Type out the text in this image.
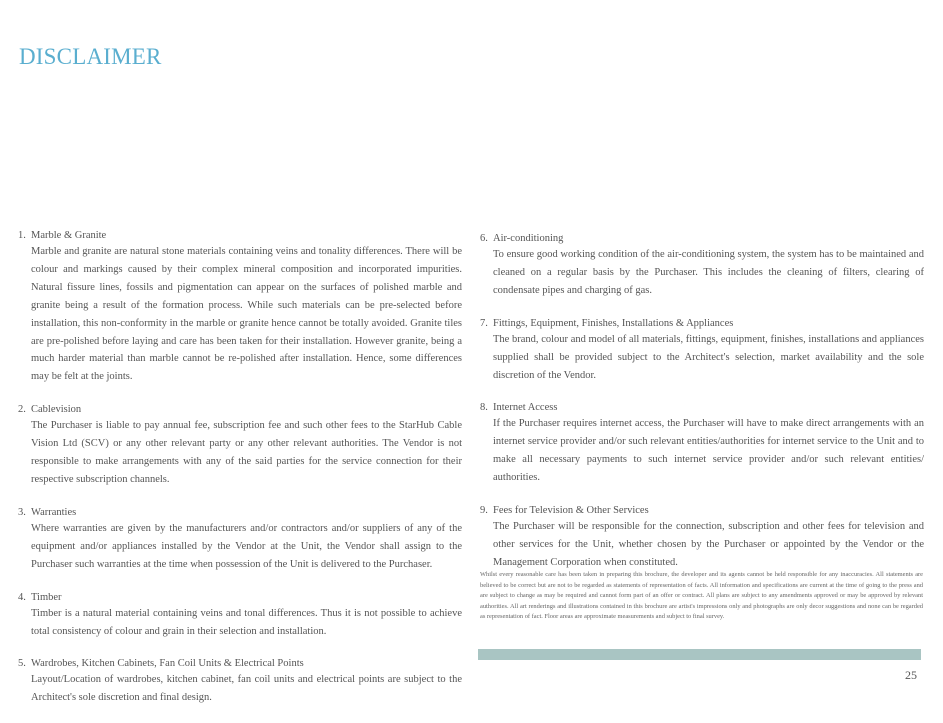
DISCLAIMER
1. Marble & Granite
Marble and granite are natural stone materials containing veins and tonality differences. There will be colour and markings caused by their complex mineral composition and incorporated impurities. Natural fissure lines, fossils and pigmentation can appear on the surfaces of polished marble and granite being a result of the formation process. While such materials can be pre-selected before installation, this non-conformity in the marble or granite hence cannot be totally avoided. Granite tiles are pre-polished before laying and care has been taken for their installation. However granite, being a much harder material than marble cannot be re-polished after installation. Hence, some differences may be felt at the joints.
2. Cablevision
The Purchaser is liable to pay annual fee, subscription fee and such other fees to the StarHub Cable Vision Ltd (SCV) or any other relevant party or any other relevant authorities. The Vendor is not responsible to make arrangements with any of the said parties for the service connection for their respective subscription channels.
3. Warranties
Where warranties are given by the manufacturers and/or contractors and/or suppliers of any of the equipment and/or appliances installed by the Vendor at the Unit, the Vendor shall assign to the Purchaser such warranties at the time when possession of the Unit is delivered to the Purchaser.
4. Timber
Timber is a natural material containing veins and tonal differences. Thus it is not possible to achieve total consistency of colour and grain in their selection and installation.
5. Wardrobes, Kitchen Cabinets, Fan Coil Units & Electrical Points
Layout/Location of wardrobes, kitchen cabinet, fan coil units and electrical points are subject to the Architect's sole discretion and final design.
6. Air-conditioning
To ensure good working condition of the air-conditioning system, the system has to be maintained and cleaned on a regular basis by the Purchaser. This includes the cleaning of filters, clearing of condensate pipes and charging of gas.
7. Fittings, Equipment, Finishes, Installations & Appliances
The brand, colour and model of all materials, fittings, equipment, finishes, installations and appliances supplied shall be provided subject to the Architect's selection, market availability and the sole discretion of the Vendor.
8. Internet Access
If the Purchaser requires internet access, the Purchaser will have to make direct arrangements with an internet service provider and/or such relevant entities/authorities for internet service to the Unit and to make all necessary payments to such internet service provider and/or such relevant entities/ authorities.
9. Fees for Television & Other Services
The Purchaser will be responsible for the connection, subscription and other fees for television and other services for the Unit, whether chosen by the Purchaser or appointed by the Vendor or the Management Corporation when constituted.
Whilst every reasonable care has been taken in preparing this brochure, the developer and its agents cannot be held responsible for any inaccuracies. All statements are believed to be correct but are not to be regarded as statements of representation of facts. All information and specifications are current at the time of going to the press and are subject to change as may be required and cannot form part of an offer or contract. All plans are subject to any amendments approved or may be approved by relevant authorities. All art renderings and illustrations contained in this brochure are artist's impressions only and photographs are only decor suggestions and none can be regarded as representation of fact. Floor areas are approximate measurements and subject to final survey.
25
